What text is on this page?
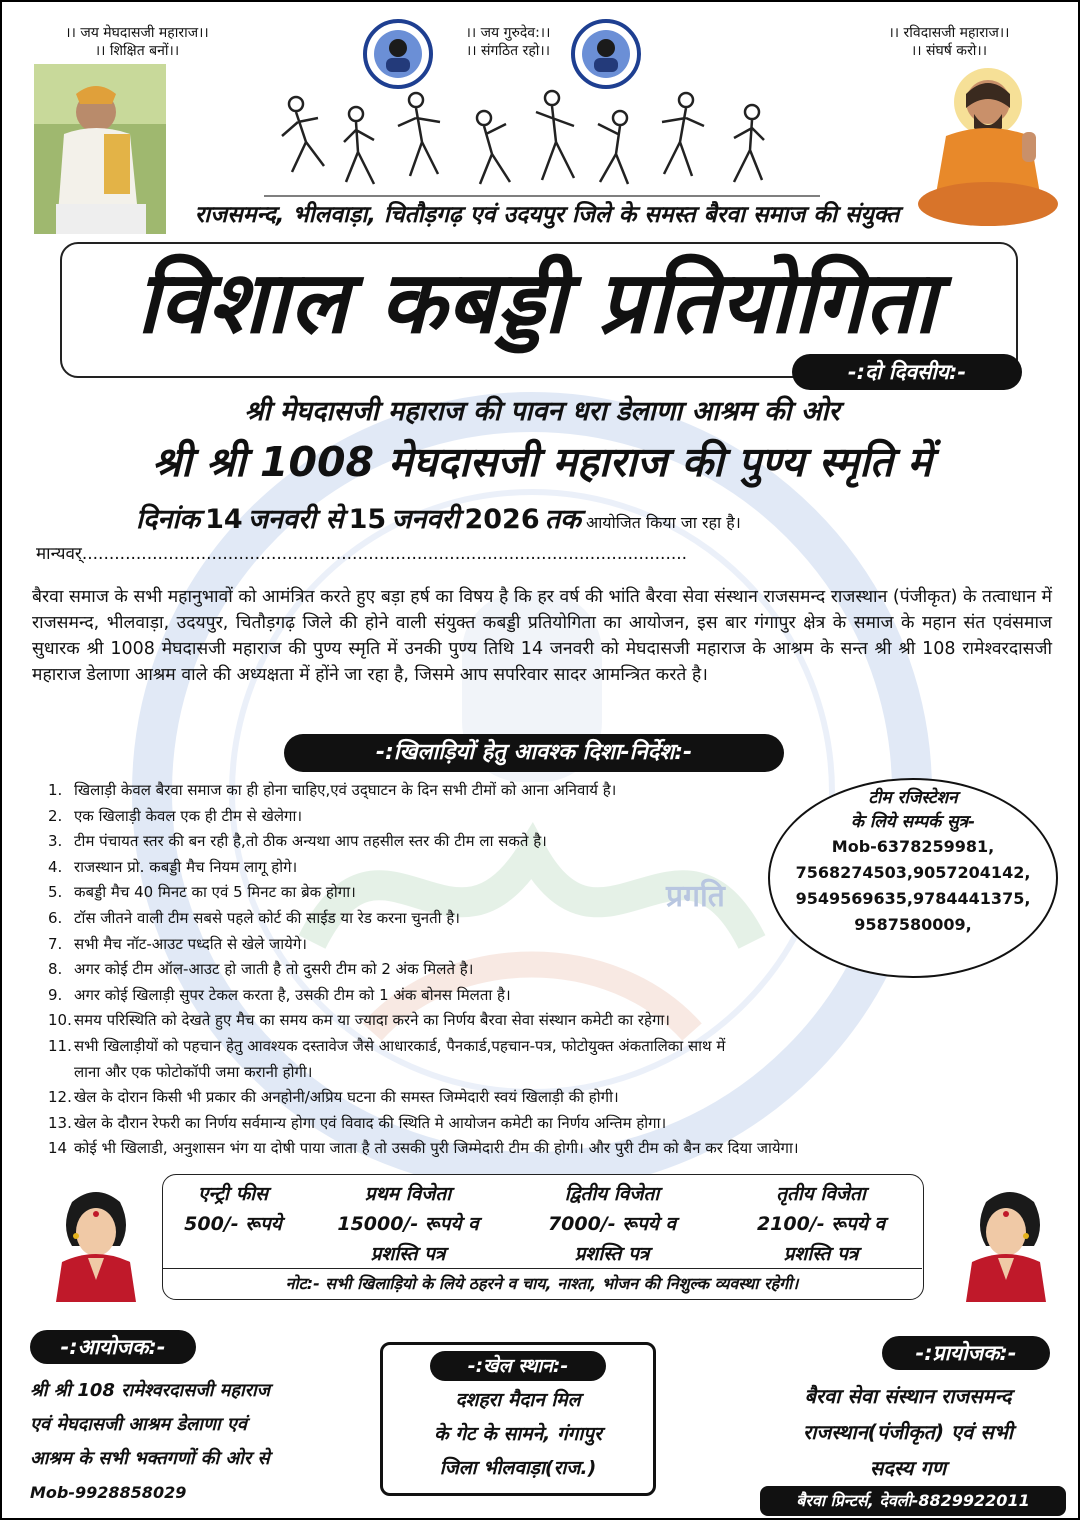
प्रगति
।। जय मेघदासजी महाराज।।
।। शिक्षित बनों।।
।। जय गुरुदेव:।।
।। संगठित रहो।।
।। रविदासजी महाराज।।
।। संघर्ष करो।।
राजसमन्द, भीलवाड़ा, चितौड़गढ़ एवं उदयपुर जिले के समस्त बैरवा समाज की संयुक्त
विशाल कबड्डी प्रतियोगिता
-:दो दिवसीय:-
श्री मेघदासजी महाराज की पावन धरा डेलाणा आश्रम की ओर
श्री श्री 1008 मेघदासजी महाराज की पुण्य स्मृति में
दिनांक 14 जनवरी से 15 जनवरी 2026 तक आयोजित किया जा रहा है।
मान्यवर्................................................................................................................
बैरवा समाज के सभी महानुभावों को आमंत्रित करते हुए बड़ा हर्ष का विषय है कि हर वर्ष की भांति बैरवा सेवा संस्थान राजसमन्द राजस्थान (पंजीकृत) के तत्वाधान में राजसमन्द, भीलवाड़ा, उदयपुर, चितौड़गढ़ जिले की होने वाली संयुक्त कबड्डी प्रतियोगिता का आयोजन, इस बार गंगापुर क्षेत्र के समाज के महान संत एवंसमाज सुधारक श्री 1008 मेघदासजी महाराज की पुण्य स्मृति में उनकी पुण्य तिथि 14 जनवरी को मेघदासजी महाराज के आश्रम के सन्त श्री श्री 108 रामेश्वरदासजी महाराज डेलाणा आश्रम वाले की अध्यक्षता में होंने जा रहा है, जिसमे आप सपरिवार सादर आमन्त्रित करते है।
-:खिलाड़ियों हेतु आवश्क दिशा-निर्देश:-
1. खिलाड़ी केवल बैरवा समाज का ही होना चाहिए,एवं उद्‌घाटन के दिन सभी टीमों को आना अनिवार्य है।
2. एक खिलाड़ी केवल एक ही टीम से खेलेगा।
3. टीम पंचायत स्तर की बन रही है,तो ठीक अन्यथा आप तहसील स्तर की टीम ला सकते है।
4. राजस्थान प्रो. कबड्डी मैच नियम लागू होगे।
5. कबड्डी मैच 40 मिनट का एवं 5 मिनट का ब्रेक होगा।
6. टॉस जीतने वाली टीम सबसे पहले कोर्ट की साईड या रेड करना चुनती है।
7. सभी मैच नॉट-आउट पध्दति से खेले जायेगे।
8. अगर कोई टीम ऑल-आउट हो जाती है तो दुसरी टीम को 2 अंक मिलते है।
9. अगर कोई खिलाड़ी सुपर टेकल करता है, उसकी टीम को 1 अंक बोनस मिलता है।
10. समय परिस्थिति को देखते हुए मैच का समय कम या ज्यादा करने का निर्णय बैरवा सेवा संस्थान कमेटी का रहेगा।
11. सभी खिलाड़ीयों को पहचान हेतु आवश्यक दस्तावेज जैसे आधारकार्ड, पैनकार्ड,पहचान-पत्र, फोटोयुक्त अंकतालिका साथ में
लाना और एक फोटोकॉपी जमा करानी होगी।
12. खेल के दोरान किसी भी प्रकार की अनहोनी/अप्रिय घटना की समस्त जिम्मेदारी स्वयं खिलाड़ी की होगी।
13. खेल के दौरान रेफरी का निर्णय सर्वमान्य होगा एवं विवाद की स्थिति मे आयोजन कमेटी का निर्णय अन्तिम होगा।
14 कोई भी खिलाडी, अनुशासन भंग या दोषी पाया जाता है तो उसकी पुरी जिम्मेदारी टीम की होगी। और पुरी टीम को बैन कर दिया जायेगा।
टीम रजिस्टेशन
के लिये सम्पर्क सुत्र-
Mob-6378259981,
7568274503,9057204142,
9549569635,9784441375,
9587580009,
एन्ट्री फीस
500/- रूपये
प्रथम विजेता
15000/- रूपये व
प्रशस्ति पत्र
द्वितीय विजेता
7000/- रूपये व
प्रशस्ति पत्र
तृतीय विजेता
2100/- रूपये व
प्रशस्ति पत्र
नोट:- सभी खिलाड़ियो के लिये ठहरने व चाय, नाश्ता, भोजन की निशुल्क व्यवस्था रहेगी।
-:आयोजक:-
श्री श्री 108 रामेश्वरदासजी महाराज
एवं मेघदासजी आश्रम डेलाणा एवं
आश्रम के सभी भक्तगणों की ओर से
Mob-9928858029
-:खेल स्थान:-
दशहरा मैदान मिल
के गेट के सामने, गंगापुर
जिला भीलवाड़ा(राज.)
-:प्रायोजक:-
बैरवा सेवा संस्थान राजसमन्द
राजस्थान(पंजीकृत) एवं सभी
सदस्य गण
बैरवा प्रिन्टर्स, देवली-8829922011
